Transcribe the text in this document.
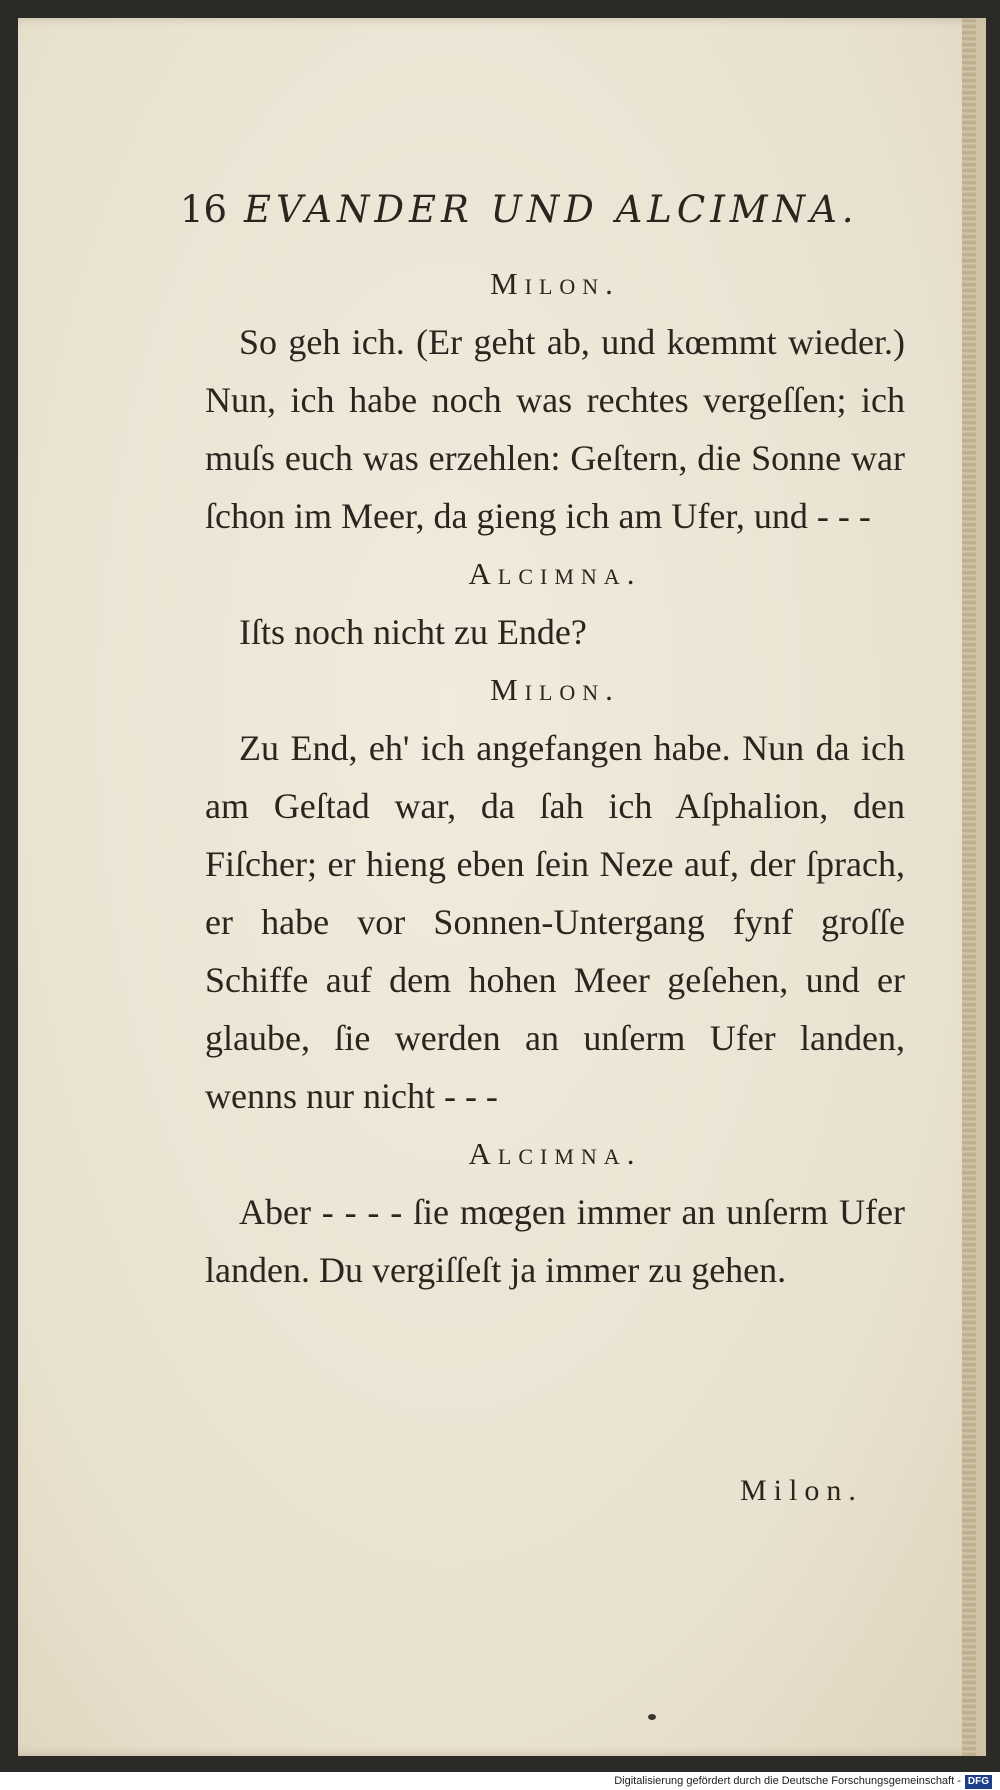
16 EVANDER UND ALCIMNA.

Milon.

So geh ich. (Er geht ab, und kœmmt wieder.) Nun, ich habe noch was rechtes vergeſſen; ich muſs euch was erzehlen: Geſtern, die Sonne war ſchon im Meer, da gieng ich am Ufer, und - - -

Alcimna.

Iſts noch nicht zu Ende?

Milon.

Zu End, eh' ich angefangen habe. Nun da ich am Geſtad war, da ſah ich Aſphalion, den Fiſcher; er hieng eben ſein Neze auf, der ſprach, er habe vor Sonnen-Untergang fynf groſſe Schiffe auf dem hohen Meer geſehen, und er glaube, ſie werden an unſerm Ufer landen, wenns nur nicht - - -

Alcimna.

Aber - - - - ſie mœgen immer an unſerm Ufer landen. Du vergiſſeſt ja immer zu gehen.

Milon.
Digitalisierung gefördert durch die Deutsche Forschungsgemeinschaft - DFG
